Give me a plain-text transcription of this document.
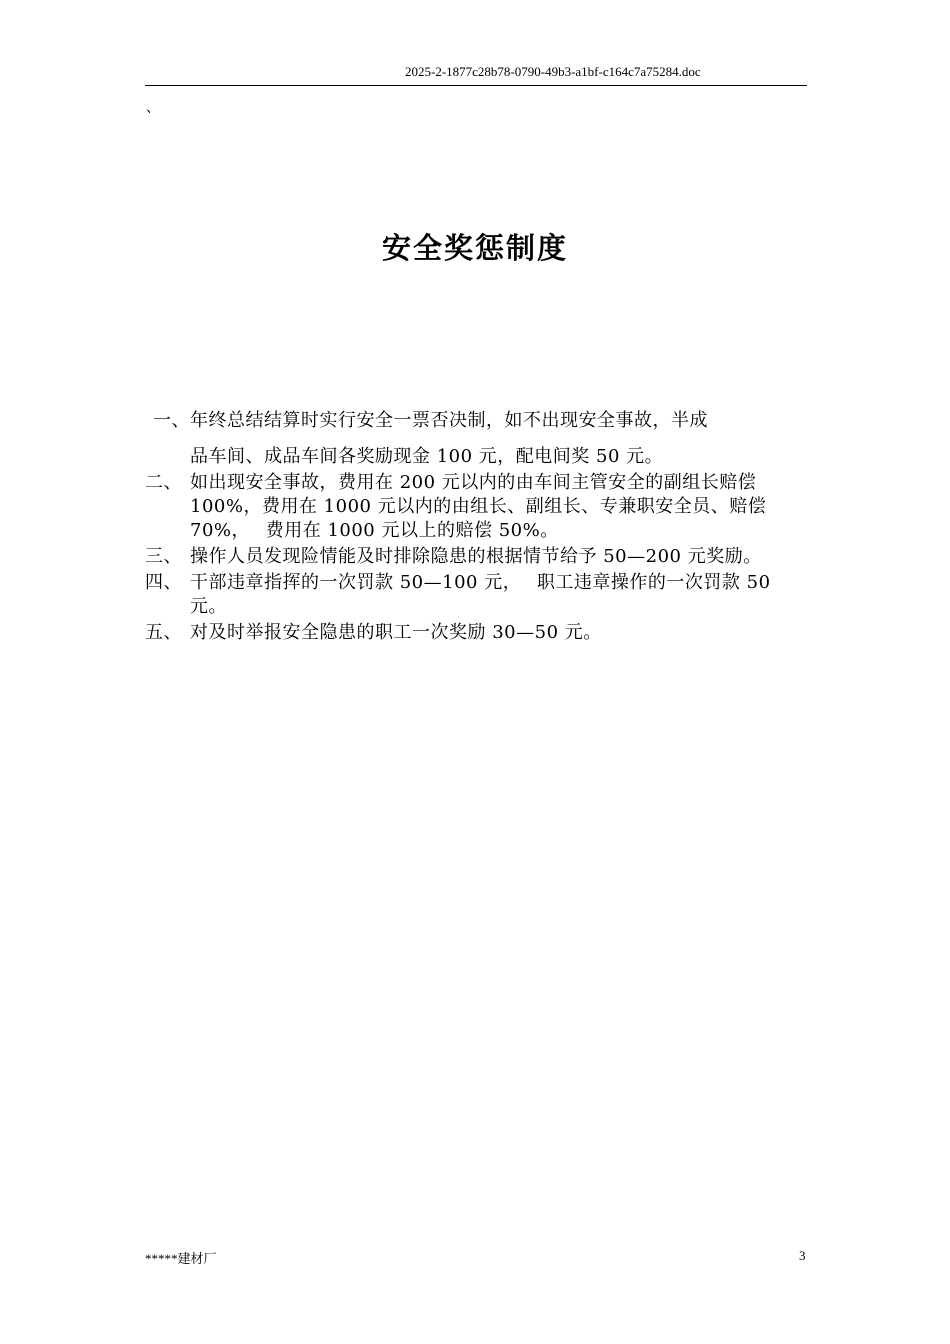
2025-2-1877c28b78-0790-49b3-a1bf-c164c7a75284.doc
、
安全奖惩制度
一、年终总结结算时实行安全一票否决制，如不出现安全事故，半成
品车间、成品车间各奖励现金 100 元，配电间奖 50 元。
二、 如出现安全事故，费用在 200 元以内的由车间主管安全的副组长赔偿 100%，费用在 1000 元以内的由组长、副组长、专兼职安全员、赔偿 70%，　 费用在 1000 元以上的赔偿 50%。
三、 操作人员发现险情能及时排除隐患的根据情节给予 50—200 元奖励。
四、 干部违章指挥的一次罚款 50—100 元，　 职工违章操作的一次罚款 50 元。
五、 对及时举报安全隐患的职工一次奖励 30—50 元。
*****建材厂	3
